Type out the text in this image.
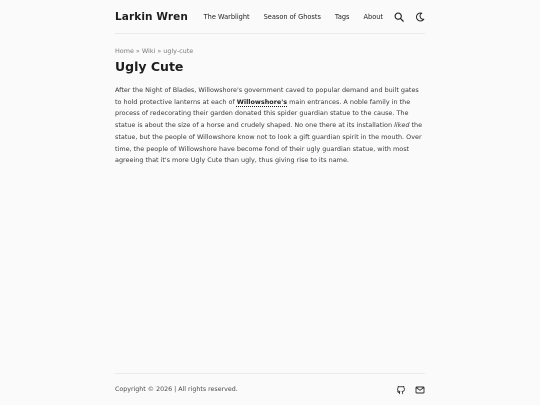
Larkin Wren The Warblight Season of Ghosts Tags About
Home » Wiki » ugly-cute
Ugly Cute
After the Night of Blades, Willowshore's government caved to popular demand and built gates to hold protective lanterns at each of Willowshore's main entrances. A noble family in the process of redecorating their garden donated this spider guardian statue to the cause. The statue is about the size of a horse and crudely shaped. No one there at its installation liked the statue, but the people of Willowshore know not to look a gift guardian spirit in the mouth. Over time, the people of Willowshore have become fond of their ugly guardian statue, with most agreeing that it's more Ugly Cute than ugly, thus giving rise to its name.
Copyright © 2026 | All rights reserved.
